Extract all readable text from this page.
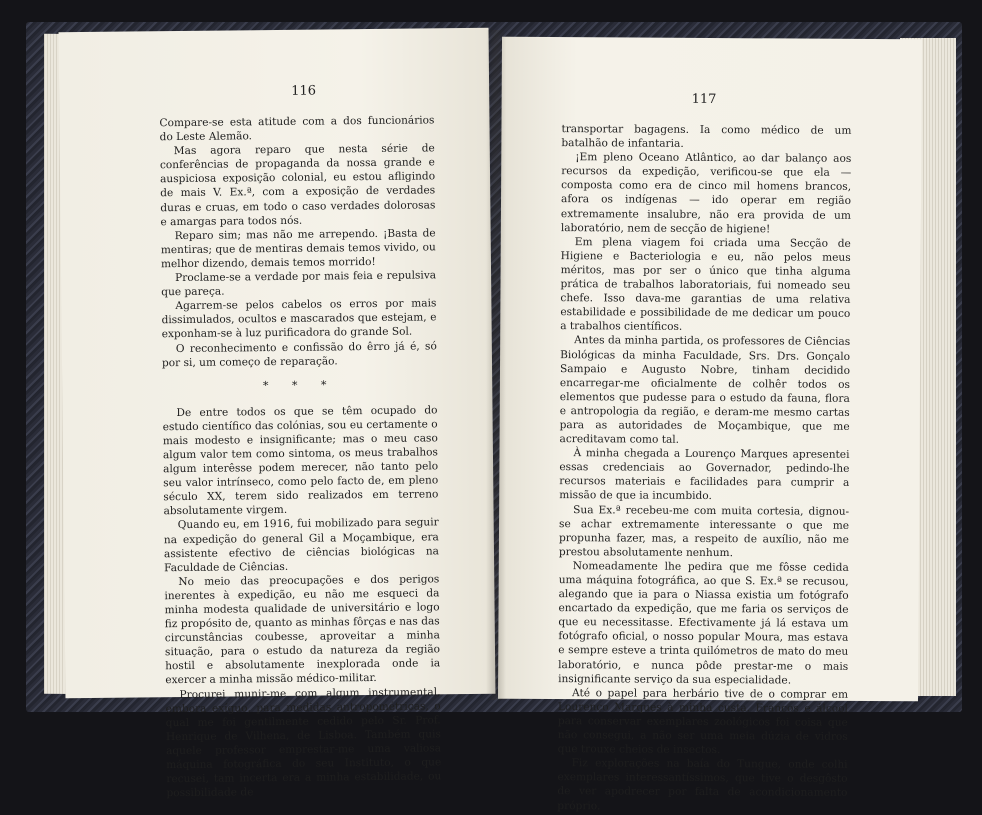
116

Compare-se esta atitude com a dos funcionários do Leste Alemão.

Mas agora reparo que nesta série de conferências de propaganda da nossa grande e auspiciosa exposição colonial, eu estou afligindo de mais V. Ex.ª, com a exposição de verdades duras e cruas, em todo o caso verdades dolorosas e amargas para todos nós.

Reparo sim; mas não me arrependo. ¡Basta de mentiras; que de mentiras demais temos vivido, ou melhor dizendo, demais temos morrido!

Proclame-se a verdade por mais feia e repulsiva que pareça.

Agarrem-se pelos cabelos os erros por mais dissimulados, ocultos e mascarados que estejam, e exponham-se à luz purificadora do grande Sol.

O reconhecimento e confissão do êrro já é, só por si, um começo de reparação.

* * *

De entre todos os que se têm ocupado do estudo científico das colónias, sou eu certamente o mais modesto e insignificante; mas o meu caso algum valor tem como sintoma, os meus trabalhos algum interêsse podem merecer, não tanto pelo seu valor intrínseco, como pelo facto de, em pleno século XX, terem sido realizados em terreno absolutamente virgem.

Quando eu, em 1916, fui mobilizado para seguir na expedição do general Gil a Moçambique, era assistente efectivo de ciências biológicas na Faculdade de Ciências.

No meio das preocupações e dos perigos inerentes à expedição, eu não me esqueci da minha modesta qualidade de universitário e logo fiz propósito de, quanto as minhas fôrças e nas das circunstâncias coubesse, aproveitar a minha situação, para o estudo da natureza da região hostil e absolutamente inexplorada onde ia exercer a minha missão médico-militar.

Procurei munir-me com algum instrumental, embora exíguo, para medidas antropométricas, o qual me foi gentilmente cedido pelo Sr. Prof. Henrique de Vilhena, de Lisboa. Também quis aquele professor emprestar-me uma valiosa máquina fotográfica do seu Instituto, o que recusei, tam incerta era a minha estabilidade, ou possibilidade de

117

transportar bagagens. Ia como médico de um batalhão de infantaria.

¡Em pleno Oceano Atlântico, ao dar balanço aos recursos da expedição, verificou-se que ela — composta como era de cinco mil homens brancos, afora os indígenas — ido operar em região extremamente insalubre, não era provida de um laboratório, nem de secção de higiene!

Em plena viagem foi criada uma Secção de Higiene e Bacteriologia e eu, não pelos meus méritos, mas por ser o único que tinha alguma prática de trabalhos laboratoriais, fui nomeado seu chefe. Isso dava-me garantias de uma relativa estabilidade e possibilidade de me dedicar um pouco a trabalhos científicos.

Antes da minha partida, os professores de Ciências Biológicas da minha Faculdade, Srs. Drs. Gonçalo Sampaio e Augusto Nobre, tinham decidido encarregar-me oficialmente de colhêr todos os elementos que pudesse para o estudo da fauna, flora e antropologia da região, e deram-me mesmo cartas para as autoridades de Moçambique, que me acreditavam como tal.

À minha chegada a Lourenço Marques apresentei essas credenciais ao Governador, pedindo-lhe recursos materiais e facilidades para cumprir a missão de que ia incumbido.

Sua Ex.ª recebeu-me com muita cortesia, dignou-se achar extremamente interessante o que me propunha fazer, mas, a respeito de auxílio, não me prestou absolutamente nenhum.

Nomeadamente lhe pedira que me fôsse cedida uma máquina fotográfica, ao que S. Ex.ª se recusou, alegando que ia para o Niassa existia um fotógrafo encartado da expedição, que me faria os serviços de que eu necessitasse. Efectivamente já lá estava um fotógrafo oficial, o nosso popular Moura, mas estava e sempre esteve a trinta quilómetros de mato do meu laboratório, e nunca pôde prestar-me o mais insignificante serviço da sua especialidade.

Até o papel para herbário tive de o comprar em Lourenço Marques à minha custa. Francos e álcool para conservar exemplares zoológicos foi coisa que não consegui, a não ser uma meia dúzia de vidros que trouxe cheios de insectos.

Fiz explorações na baía do Tungue, onde colhi exemplares interessantíssimos, que tive o desgôsto de ver apodrecer por falta de acondicionamento próprio.
